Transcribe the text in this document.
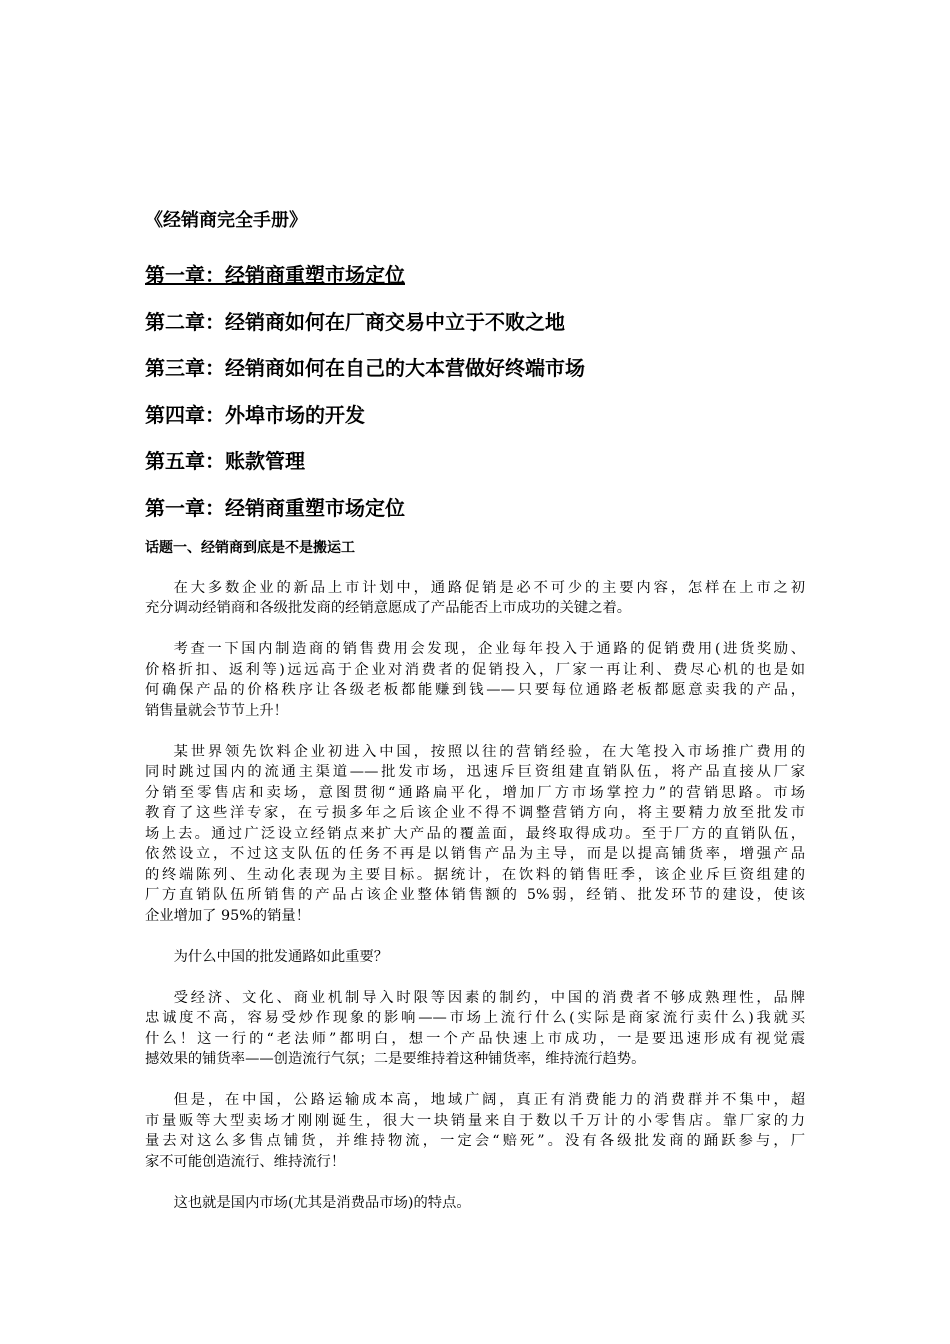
《经销商完全手册》
第一章：经销商重塑市场定位
第二章：经销商如何在厂商交易中立于不败之地
第三章：经销商如何在自己的大本营做好终端市场
第四章：外埠市场的开发
第五章：账款管理
第一章：经销商重塑市场定位
话题一、经销商到底是不是搬运工
在大多数企业的新品上市计划中，通路促销是必不可少的主要内容，怎样在上市之初
充分调动经销商和各级批发商的经销意愿成了产品能否上市成功的关键之着。
考查一下国内制造商的销售费用会发现，企业每年投入于通路的促销费用(进货奖励、
价格折扣、返利等)远远高于企业对消费者的促销投入，厂家一再让利、费尽心机的也是如
何确保产品的价格秩序让各级老板都能赚到钱——只要每位通路老板都愿意卖我的产品，
销售量就会节节上升！
某世界领先饮料企业初进入中国，按照以往的营销经验，在大笔投入市场推广费用的
同时跳过国内的流通主渠道——批发市场，迅速斥巨资组建直销队伍，将产品直接从厂家
分销至零售店和卖场，意图贯彻“通路扁平化，增加厂方市场掌控力”的营销思路。市场
教育了这些洋专家，在亏损多年之后该企业不得不调整营销方向，将主要精力放至批发市
场上去。通过广泛设立经销点来扩大产品的覆盖面，最终取得成功。至于厂方的直销队伍，
依然设立，不过这支队伍的任务不再是以销售产品为主导，而是以提高铺货率，增强产品
的终端陈列、生动化表现为主要目标。据统计，在饮料的销售旺季，该企业斥巨资组建的
厂方直销队伍所销售的产品占该企业整体销售额的 5%弱，经销、批发环节的建设，使该
企业增加了 95%的销量！
为什么中国的批发通路如此重要？
受经济、文化、商业机制导入时限等因素的制约，中国的消费者不够成熟理性，品牌
忠诚度不高，容易受炒作现象的影响——市场上流行什么(实际是商家流行卖什么)我就买
什么！这一行的“老法师”都明白，想一个产品快速上市成功，一是要迅速形成有视觉震
撼效果的铺货率——创造流行气氛；二是要维持着这种铺货率，维持流行趋势。
但是，在中国，公路运输成本高，地域广阔，真正有消费能力的消费群并不集中，超
市量贩等大型卖场才刚刚诞生，很大一块销量来自于数以千万计的小零售店。靠厂家的力
量去对这么多售点铺货，并维持物流，一定会“赔死”。没有各级批发商的踊跃参与，厂
家不可能创造流行、维持流行！
这也就是国内市场(尤其是消费品市场)的特点。
